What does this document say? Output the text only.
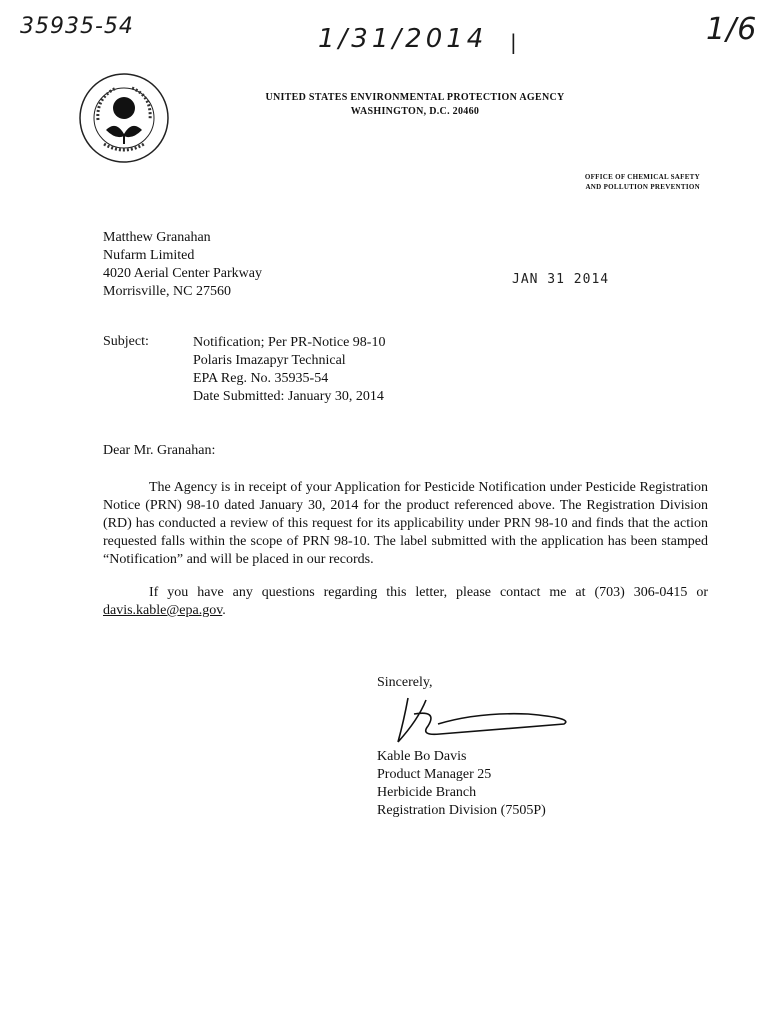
35935-54	1/31/2014 |	1/6
UNITED STATES ENVIRONMENTAL PROTECTION AGENCY
WASHINGTON, D.C. 20460
OFFICE OF CHEMICAL SAFETY
AND POLLUTION PREVENTION
Matthew Granahan
Nufarm Limited
4020 Aerial Center Parkway
Morrisville, NC 27560
JAN 31 2014
Subject:	Notification; Per PR-Notice 98-10
Polaris Imazapyr Technical
EPA Reg. No. 35935-54
Date Submitted: January 30, 2014
Dear Mr. Granahan:
The Agency is in receipt of your Application for Pesticide Notification under Pesticide Registration Notice (PRN) 98-10 dated January 30, 2014 for the product referenced above. The Registration Division (RD) has conducted a review of this request for its applicability under PRN 98-10 and finds that the action requested falls within the scope of PRN 98-10. The label submitted with the application has been stamped “Notification” and will be placed in our records.
If you have any questions regarding this letter, please contact me at (703) 306-0415 or davis.kable@epa.gov.
Sincerely,
Kable Bo Davis
Product Manager 25
Herbicide Branch
Registration Division (7505P)
